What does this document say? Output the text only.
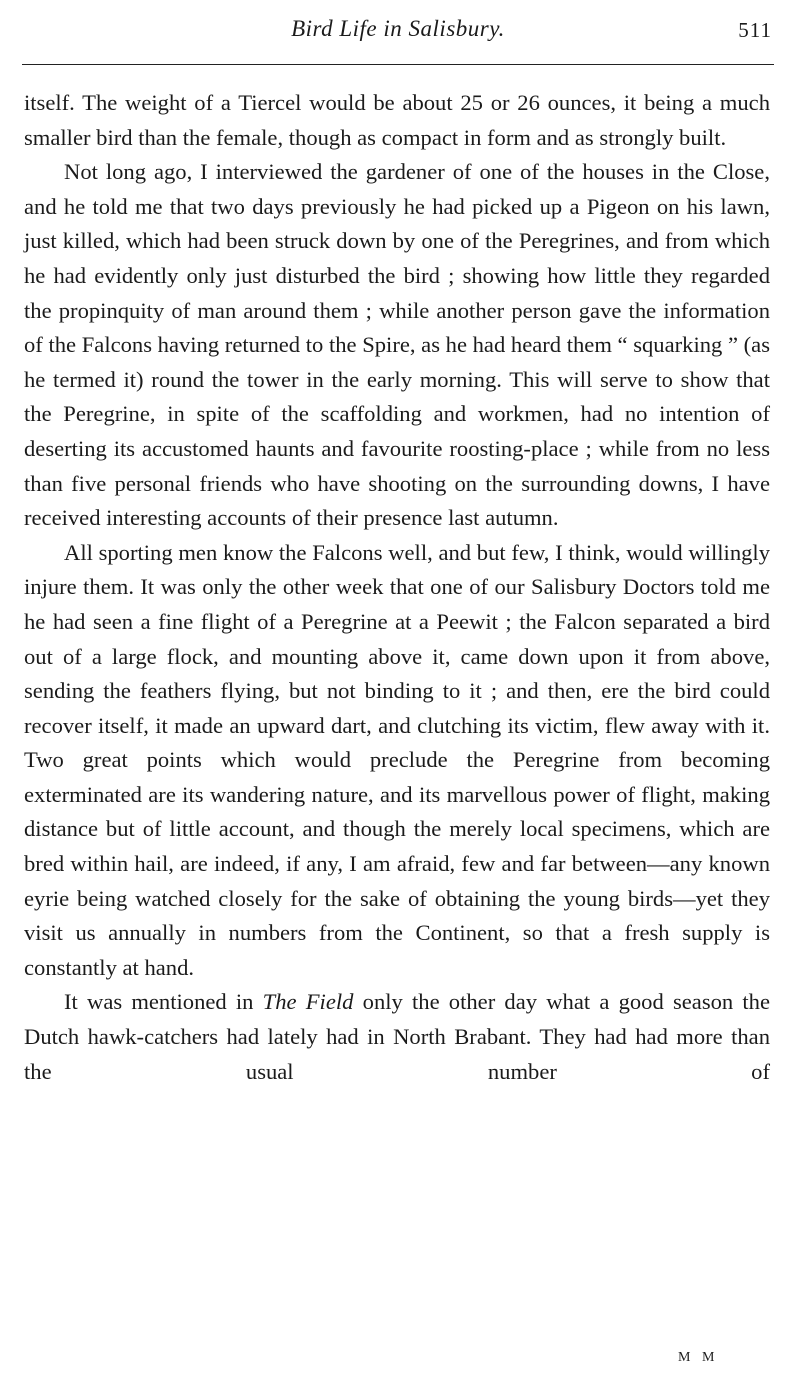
Bird Life in Salisbury.	511

itself. The weight of a Tiercel would be about 25 or 26 ounces, it being a much smaller bird than the female, though as compact in form and as strongly built.

Not long ago, I interviewed the gardener of one of the houses in the Close, and he told me that two days previously he had picked up a Pigeon on his lawn, just killed, which had been struck down by one of the Peregrines, and from which he had evidently only just disturbed the bird ; showing how little they regarded the propinquity of man around them ; while another person gave the information of the Falcons having returned to the Spire, as he had heard them “ squarking ” (as he termed it) round the tower in the early morning. This will serve to show that the Peregrine, in spite of the scaffolding and workmen, had no intention of deserting its accustomed haunts and favourite roosting-place ; while from no less than five personal friends who have shooting on the surrounding downs, I have received interesting accounts of their presence last autumn.

All sporting men know the Falcons well, and but few, I think, would willingly injure them. It was only the other week that one of our Salisbury Doctors told me he had seen a fine flight of a Peregrine at a Peewit ; the Falcon separated a bird out of a large flock, and mounting above it, came down upon it from above, sending the feathers flying, but not binding to it ; and then, ere the bird could recover itself, it made an upward dart, and clutching its victim, flew away with it. Two great points which would preclude the Peregrine from becoming exterminated are its wandering nature, and its marvellous power of flight, making distance but of little account, and though the merely local specimens, which are bred within hail, are indeed, if any, I am afraid, few and far between—any known eyrie being watched closely for the sake of obtaining the young birds—yet they visit us annually in numbers from the Continent, so that a fresh supply is constantly at hand.

It was mentioned in The Field only the other day what a good season the Dutch hawk-catchers had lately had in North Brabant. They had had more than the usual number of

M M
